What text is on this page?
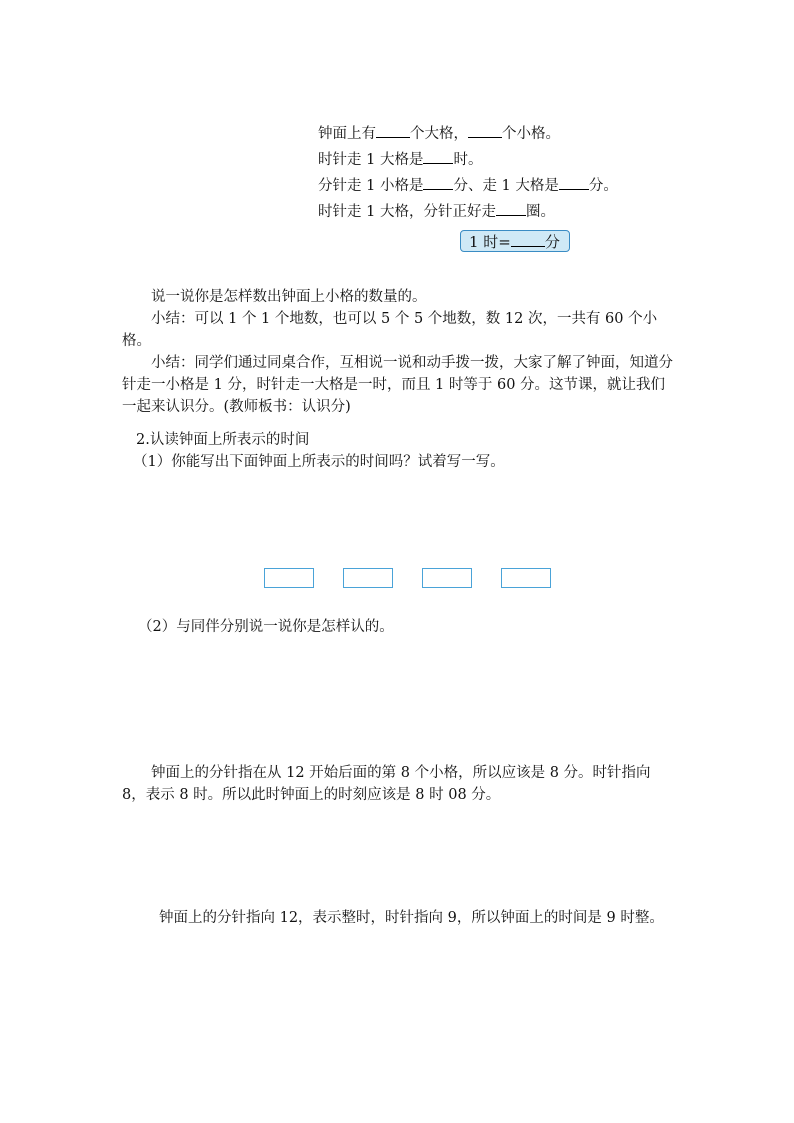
钟面上有 个大格， 个小格。
时针走 1 大格是 时。
分针走 1 小格是 分、走 1 大格是 分。
时针走 1 大格，分针正好走 圈。
1 时= 分
说一说你是怎样数出钟面上小格的数量的。
小结：可以 1 个 1 个地数，也可以 5 个 5 个地数，数 12 次，一共有 60 个小格。
小结：同学们通过同桌合作，互相说一说和动手拨一拨，大家了解了钟面，知道分针走一小格是 1 分，时针走一大格是一时，而且 1 时等于 60 分。这节课，就让我们一起来认识分。(教师板书：认识分)
2.认读钟面上所表示的时间
（1）你能写出下面钟面上所表示的时间吗？试着写一写。
（2）与同伴分别说一说你是怎样认的。
钟面上的分针指在从 12 开始后面的第 8 个小格，所以应该是 8 分。时针指向 8，表示 8 时。所以此时钟面上的时刻应该是 8 时 08 分。
钟面上的分针指向 12，表示整时，时针指向 9，所以钟面上的时间是 9 时整。
